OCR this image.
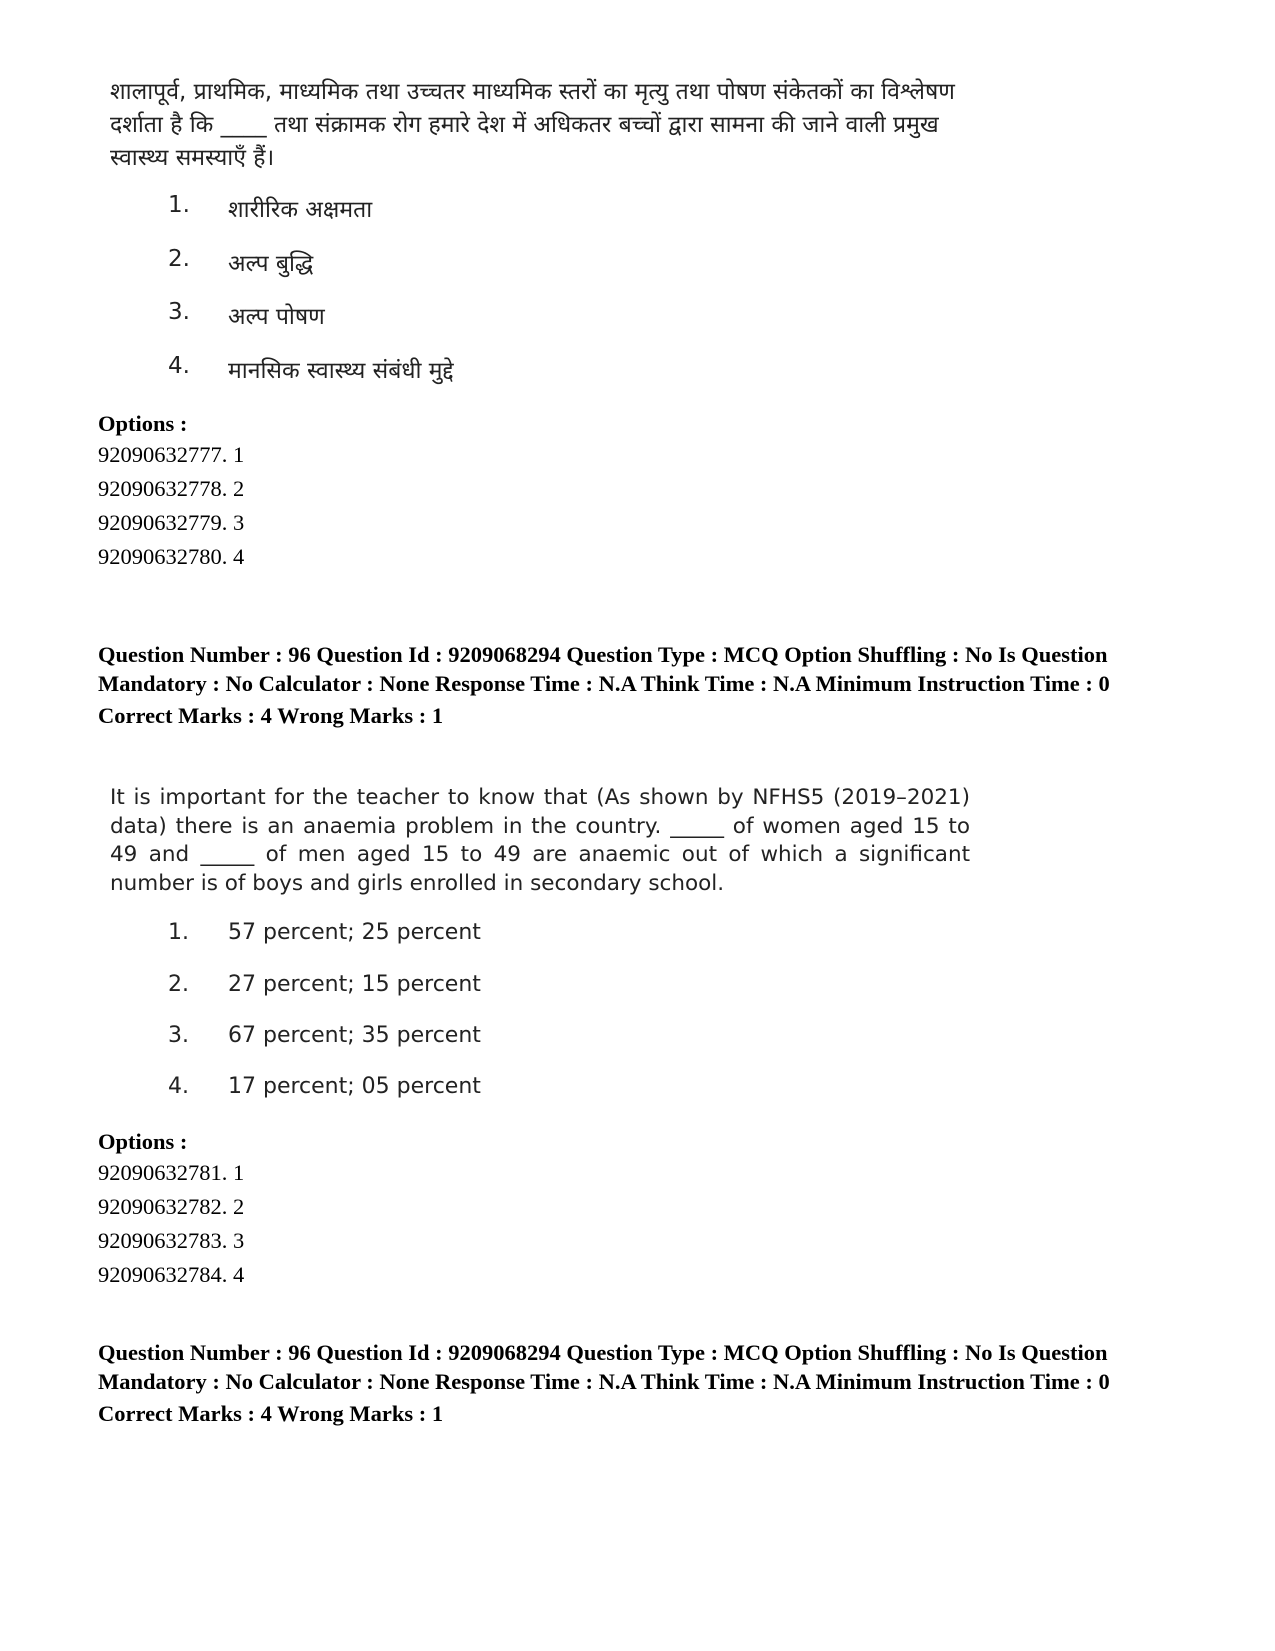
शालापूर्व, प्राथमिक, माध्यमिक तथा उच्चतर माध्यमिक स्तरों का मृत्यु तथा पोषण संकेतकों का विश्लेषण दर्शाता है कि ____ तथा संक्रामक रोग हमारे देश में अधिकतर बच्चों द्वारा सामना की जाने वाली प्रमुख स्वास्थ्य समस्याएँ हैं।

1.	शारीरिक अक्षमता
2.	अल्प बुद्धि
3.	अल्प पोषण
4.	मानसिक स्वास्थ्य संबंधी मुद्दे
Options :
92090632777. 1
92090632778. 2
92090632779. 3
92090632780. 4
Question Number : 96 Question Id : 9209068294 Question Type : MCQ Option Shuffling : No Is Question Mandatory : No Calculator : None Response Time : N.A Think Time : N.A Minimum Instruction Time : 0
Correct Marks : 4 Wrong Marks : 1

It is important for the teacher to know that (As shown by NFHS5 (2019–2021) data) there is an anaemia problem in the country. _____ of women aged 15 to 49 and _____ of men aged 15 to 49 are anaemic out of which a significant number is of boys and girls enrolled in secondary school.

1.	57 percent; 25 percent
2.	27 percent; 15 percent
3.	67 percent; 35 percent
4.	17 percent; 05 percent
Options :
92090632781. 1
92090632782. 2
92090632783. 3
92090632784. 4
Question Number : 96 Question Id : 9209068294 Question Type : MCQ Option Shuffling : No Is Question Mandatory : No Calculator : None Response Time : N.A Think Time : N.A Minimum Instruction Time : 0
Correct Marks : 4 Wrong Marks : 1
